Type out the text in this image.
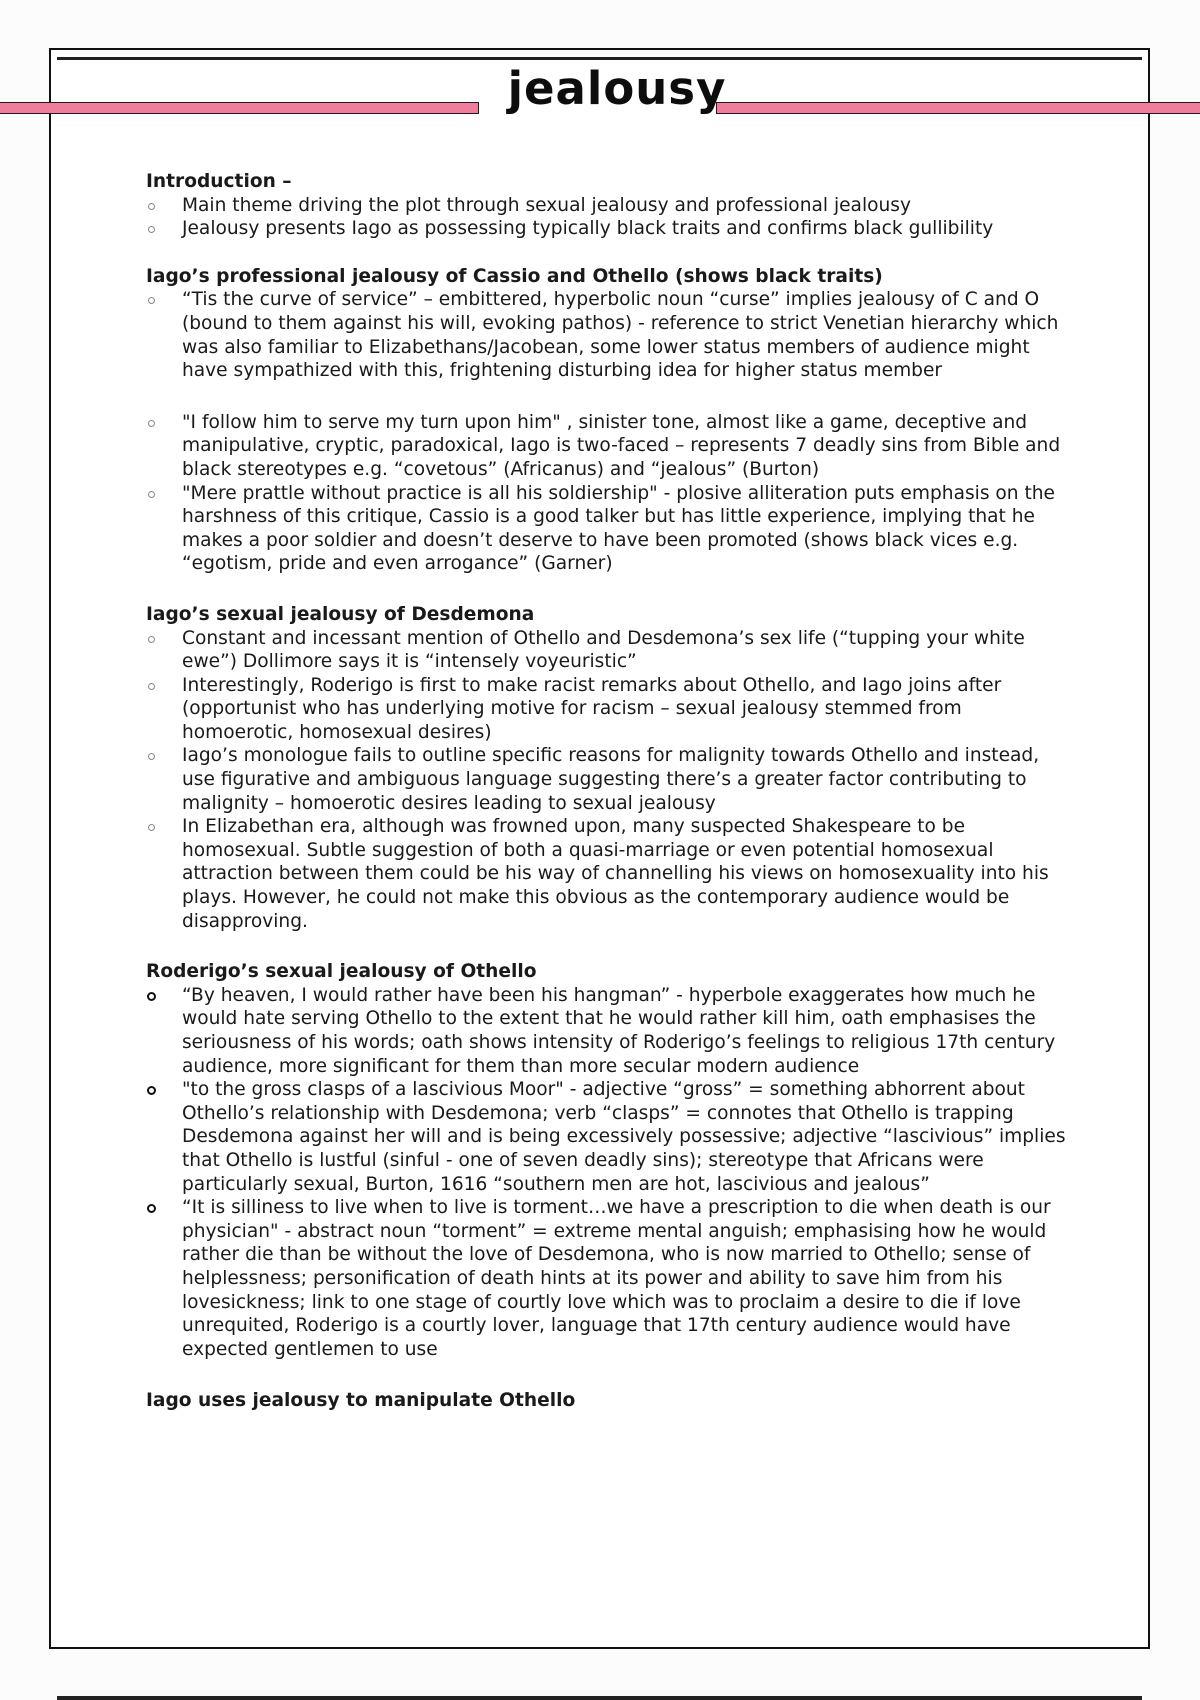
jealousy

Introduction –

Main theme driving the plot through sexual jealousy and professional jealousy
Jealousy presents Iago as possessing typically black traits and confirms black gullibility

Iago’s professional jealousy of Cassio and Othello (shows black traits)

“Tis the curve of service” – embittered, hyperbolic noun “curse” implies jealousy of C and O (bound to them against his will, evoking pathos) - reference to strict Venetian hierarchy which was also familiar to Elizabethans/Jacobean, some lower status members of audience might have sympathized with this, frightening disturbing idea for higher status member
"I follow him to serve my turn upon him" , sinister tone, almost like a game, deceptive and manipulative, cryptic, paradoxical, Iago is two-faced – represents 7 deadly sins from Bible and black stereotypes e.g. “covetous” (Africanus) and “jealous” (Burton)
"Mere prattle without practice is all his soldiership" - plosive alliteration puts emphasis on the harshness of this critique, Cassio is a good talker but has little experience, implying that he makes a poor soldier and doesn’t deserve to have been promoted (shows black vices e.g. “egotism, pride and even arrogance” (Garner)

Iago’s sexual jealousy of Desdemona

Constant and incessant mention of Othello and Desdemona’s sex life (“tupping your white ewe”) Dollimore says it is “intensely voyeuristic”
Interestingly, Roderigo is first to make racist remarks about Othello, and Iago joins after (opportunist who has underlying motive for racism – sexual jealousy stemmed from homoerotic, homosexual desires)
Iago’s monologue fails to outline specific reasons for malignity towards Othello and instead, use figurative and ambiguous language suggesting there’s a greater factor contributing to malignity – homoerotic desires leading to sexual jealousy
In Elizabethan era, although was frowned upon, many suspected Shakespeare to be homosexual. Subtle suggestion of both a quasi-marriage or even potential homosexual attraction between them could be his way of channelling his views on homosexuality into his plays. However, he could not make this obvious as the contemporary audience would be disapproving.

Roderigo’s sexual jealousy of Othello

“By heaven, I would rather have been his hangman” - hyperbole exaggerates how much he would hate serving Othello to the extent that he would rather kill him, oath emphasises the seriousness of his words; oath shows intensity of Roderigo’s feelings to religious 17th century audience, more significant for them than more secular modern audience
"to the gross clasps of a lascivious Moor" - adjective “gross” = something abhorrent about Othello’s relationship with Desdemona; verb “clasps” = connotes that Othello is trapping Desdemona against her will and is being excessively possessive; adjective “lascivious” implies that Othello is lustful (sinful - one of seven deadly sins); stereotype that Africans were particularly sexual, Burton, 1616 “southern men are hot, lascivious and jealous”
“It is silliness to live when to live is torment…we have a prescription to die when death is our physician" - abstract noun “torment” = extreme mental anguish; emphasising how he would rather die than be without the love of Desdemona, who is now married to Othello; sense of helplessness; personification of death hints at its power and ability to save him from his lovesickness; link to one stage of courtly love which was to proclaim a desire to die if love unrequited, Roderigo is a courtly lover, language that 17th century audience would have expected gentlemen to use

Iago uses jealousy to manipulate Othello
